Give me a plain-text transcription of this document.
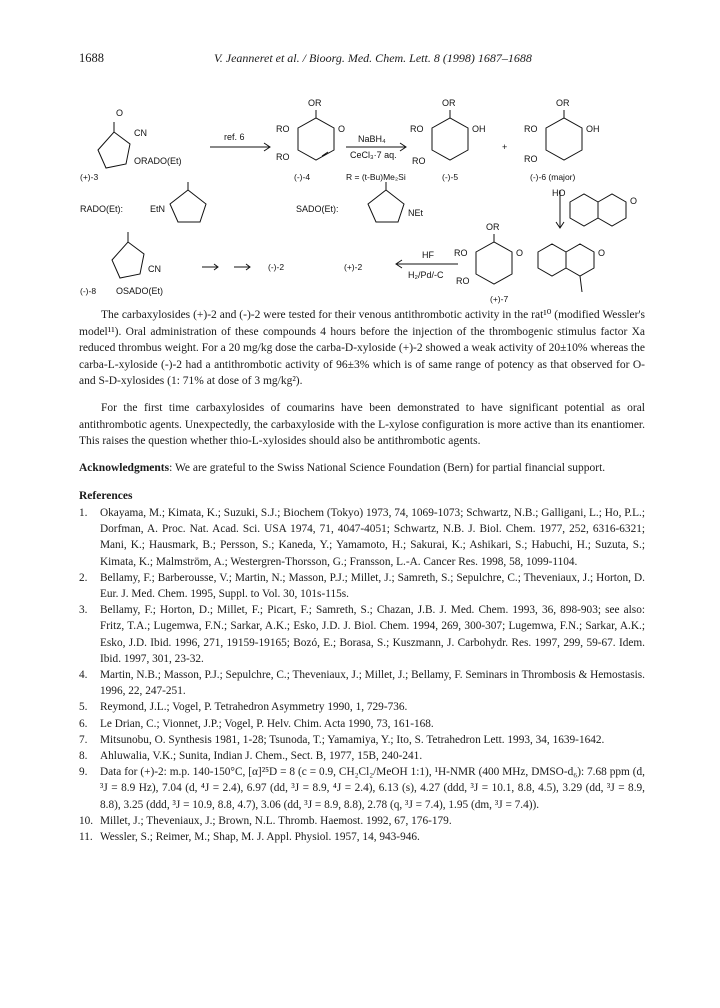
1688	V. Jeanneret et al. / Bioorg. Med. Chem. Lett. 8 (1998) 1687–1688
O
CN
ORADO(Et)
ref. 6
OR
RO	O
RO
NaBH₄
CeCl₃·7 aq.
OR
RO	OH
RO
+
OR
RO	OH
RO
(+)-3	(-)-4	R = (t-Bu)Me₂Si	(-)-5	(-)-6 (major)
RADO(Et):	EtN	SADO(Et):	NEt
HO
O
CN
(-)-8 OSADO(Et)
(-)-2	(+)-2
HF
H₂/Pd/-C
OR
RO
RO
O	O
(+)-7

The carbaxylosides (+)-2 and (-)-2 were tested for their venous antithrombotic activity in the rat¹⁰ (modified Wessler's model¹¹). Oral administration of these compounds 4 hours before the injection of the thrombogenic stimulus factor Xa reduced thrombus weight. For a 20 mg/kg dose the carba-D-xyloside (+)-2 showed a weak activity of 20±10% whereas the carba-L-xyloside (-)-2 had a antithrombotic activity of 96±3% which is of same range of potency as that observed for O- and S-D-xylosides (1: 71% at dose of 3 mg/kg²).

For the first time carbaxylosides of coumarins have been demonstrated to have significant potential as oral antithrombotic agents. Unexpectedly, the carbaxyloside with the L-xylose configuration is more active than its enantiomer. This raises the question whether thio-L-xylosides should also be antithrombotic agents.

Acknowledgments: We are grateful to the Swiss National Science Foundation (Bern) for partial financial support.

References
1.	Okayama, M.; Kimata, K.; Suzuki, S.J.; Biochem (Tokyo) 1973, 74, 1069-1073; Schwartz, N.B.; Galligani, L.; Ho, P.L.; Dorfman, A. Proc. Nat. Acad. Sci. USA 1974, 71, 4047-4051; Schwartz, N.B. J. Biol. Chem. 1977, 252, 6316-6321; Mani, K.; Hausmark, B.; Persson, S.; Kaneda, Y.; Yamamoto, H.; Sakurai, K.; Ashikari, S.; Habuchi, H.; Suzuta, S.; Kimata, K.; Malmström, A.; Westergren-Thorsson, G.; Fransson, L.-A. Cancer Res. 1998, 58, 1099-1104.
2.	Bellamy, F.; Barberousse, V.; Martin, N.; Masson, P.J.; Millet, J.; Samreth, S.; Sepulchre, C.; Theveniaux, J.; Horton, D. Eur. J. Med. Chem. 1995, Suppl. to Vol. 30, 101s-115s.
3.	Bellamy, F.; Horton, D.; Millet, F.; Picart, F.; Samreth, S.; Chazan, J.B. J. Med. Chem. 1993, 36, 898-903; see also: Fritz, T.A.; Lugemwa, F.N.; Sarkar, A.K.; Esko, J.D. J. Biol. Chem. 1994, 269, 300-307; Lugemwa, F.N.; Sarkar, A.K.; Esko, J.D. Ibid. 1996, 271, 19159-19165; Bozó, E.; Borasa, S.; Kuszmann, J. Carbohydr. Res. 1997, 299, 59-67. Idem. Ibid. 1997, 301, 23-32.
4.	Martin, N.B.; Masson, P.J.; Sepulchre, C.; Theveniaux, J.; Millet, J.; Bellamy, F. Seminars in Thrombosis & Hemostasis. 1996, 22, 247-251.
5.	Reymond, J.L.; Vogel, P. Tetrahedron Asymmetry 1990, 1, 729-736.
6.	Le Drian, C.; Vionnet, J.P.; Vogel, P. Helv. Chim. Acta 1990, 73, 161-168.
7.	Mitsunobu, O. Synthesis 1981, 1-28; Tsunoda, T.; Yamamiya, Y.; Ito, S. Tetrahedron Lett. 1993, 34, 1639-1642.
8.	Ahluwalia, V.K.; Sunita, Indian J. Chem., Sect. B, 1977, 15B, 240-241.
9.	Data for (+)-2: m.p. 140-150°C, [α]²⁵D = 8 (c = 0.9, CH₂Cl₂/MeOH 1:1), ¹H-NMR (400 MHz, DMSO-d₆): 7.68 ppm (d, ³J = 8.9 Hz), 7.04 (d, ⁴J = 2.4), 6.97 (dd, ³J = 8.9, ⁴J = 2.4), 6.13 (s), 4.27 (ddd, ³J = 10.1, 8.8, 4.5), 3.29 (dd, ³J = 8.9, 8.8), 3.25 (ddd, ³J = 10.9, 8.8, 4.7), 3.06 (dd, ³J = 8.9, 8.8), 2.78 (q, ³J = 7.4), 1.95 (dm, ³J = 7.4)).
10. Millet, J.; Theveniaux, J.; Brown, N.L. Thromb. Haemost. 1992, 67, 176-179.
11. Wessler, S.; Reimer, M.; Shap, M. J. Appl. Physiol. 1957, 14, 943-946.
